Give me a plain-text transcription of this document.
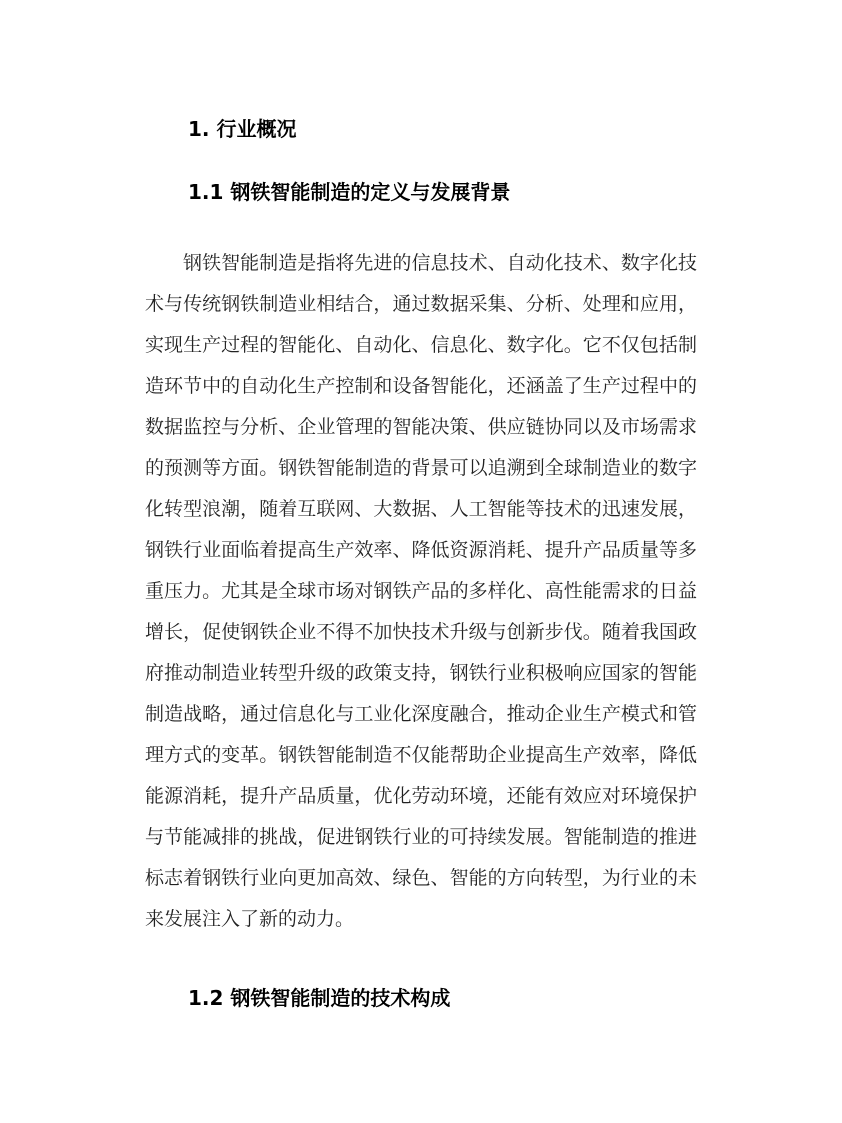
1. 行业概况
1.1 钢铁智能制造的定义与发展背景

钢铁智能制造是指将先进的信息技术、自动化技术、数字化技术与传统钢铁制造业相结合，通过数据采集、分析、处理和应用，实现生产过程的智能化、自动化、信息化、数字化。它不仅包括制造环节中的自动化生产控制和设备智能化，还涵盖了生产过程中的数据监控与分析、企业管理的智能决策、供应链协同以及市场需求的预测等方面。钢铁智能制造的背景可以追溯到全球制造业的数字化转型浪潮，随着互联网、大数据、人工智能等技术的迅速发展，钢铁行业面临着提高生产效率、降低资源消耗、提升产品质量等多重压力。尤其是全球市场对钢铁产品的多样化、高性能需求的日益增长，促使钢铁企业不得不加快技术升级与创新步伐。随着我国政府推动制造业转型升级的政策支持，钢铁行业积极响应国家的智能制造战略，通过信息化与工业化深度融合，推动企业生产模式和管理方式的变革。钢铁智能制造不仅能帮助企业提高生产效率，降低能源消耗，提升产品质量，优化劳动环境，还能有效应对环境保护与节能减排的挑战，促进钢铁行业的可持续发展。智能制造的推进标志着钢铁行业向更加高效、绿色、智能的方向转型，为行业的未来发展注入了新的动力。

1.2 钢铁智能制造的技术构成
